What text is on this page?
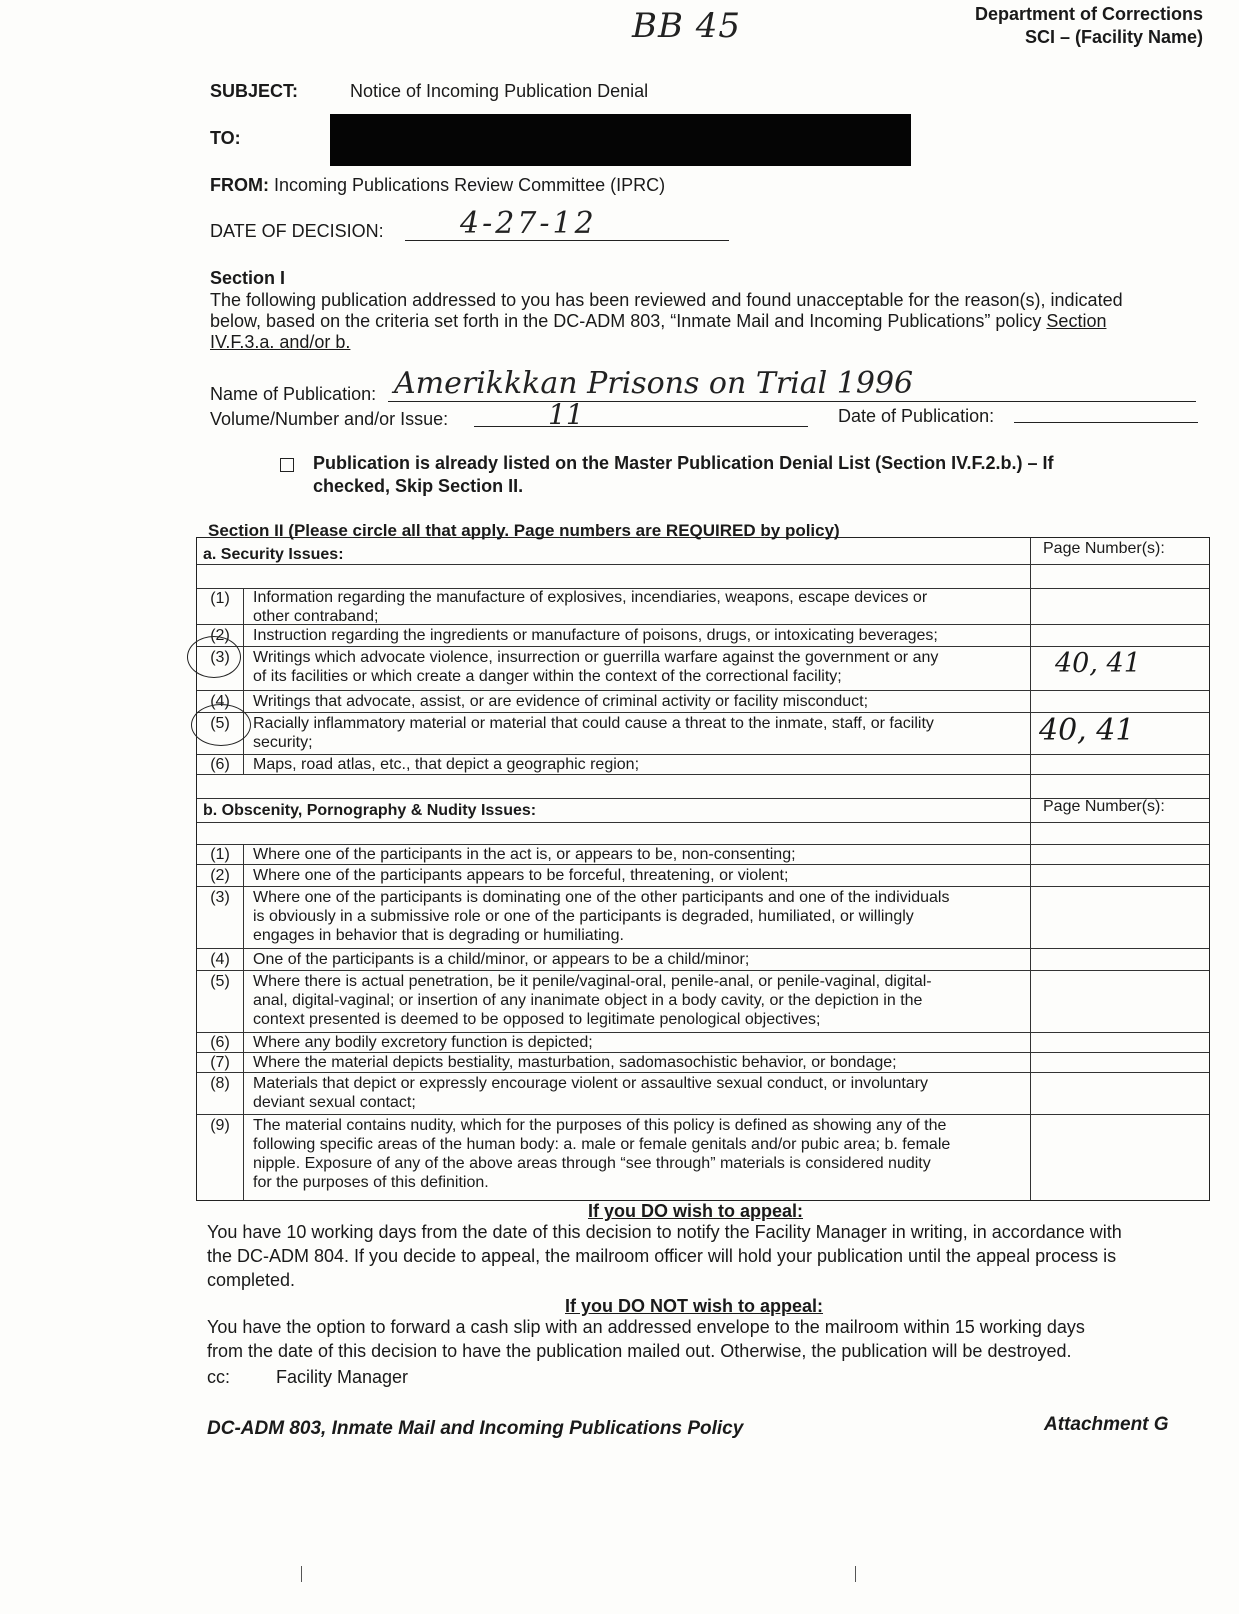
BB 45	Department of Corrections
SCI – (Facility Name)
SUBJECT:	Notice of Incoming Publication Denial
TO:
FROM: Incoming Publications Review Committee (IPRC)
DATE OF DECISION:	4-27-12
Section I
The following publication addressed to you has been reviewed and found unacceptable for the reason(s), indicated
below, based on the criteria set forth in the DC-ADM 803, “Inmate Mail and Incoming Publications” policy Section
IV.F.3.a. and/or b.
Name of Publication: Amerikkkan Prisons on Trial 1996
Volume/Number and/or Issue:	11	Date of Publication:
Publication is already listed on the Master Publication Denial List (Section IV.F.2.b.) – If
checked, Skip Section II.
Section II (Please circle all that apply. Page numbers are REQUIRED by policy)
a. Security Issues:	Page Number(s):
(1)	Information regarding the manufacture of explosives, incendiaries, weapons, escape devices or
other contraband;
(2)	Instruction regarding the ingredients or manufacture of poisons, drugs, or intoxicating beverages;
(3)	Writings which advocate violence, insurrection or guerrilla warfare against the government or any
of its facilities or which create a danger within the context of the correctional facility;	40, 41
(4)	Writings that advocate, assist, or are evidence of criminal activity or facility misconduct;
(5)	Racially inflammatory material or material that could cause a threat to the inmate, staff, or facility
security;	40, 41
(6)	Maps, road atlas, etc., that depict a geographic region;
b. Obscenity, Pornography & Nudity Issues:	Page Number(s):
(1)	Where one of the participants in the act is, or appears to be, non-consenting;
(2)	Where one of the participants appears to be forceful, threatening, or violent;
(3)	Where one of the participants is dominating one of the other participants and one of the individuals
is obviously in a submissive role or one of the participants is degraded, humiliated, or willingly
engages in behavior that is degrading or humiliating.
(4)	One of the participants is a child/minor, or appears to be a child/minor;
(5)	Where there is actual penetration, be it penile/vaginal-oral, penile-anal, or penile-vaginal, digital-
anal, digital-vaginal; or insertion of any inanimate object in a body cavity, or the depiction in the
context presented is deemed to be opposed to legitimate penological objectives;
(6)	Where any bodily excretory function is depicted;
(7)	Where the material depicts bestiality, masturbation, sadomasochistic behavior, or bondage;
(8)	Materials that depict or expressly encourage violent or assaultive sexual conduct, or involuntary
deviant sexual contact;
(9)	The material contains nudity, which for the purposes of this policy is defined as showing any of the
following specific areas of the human body: a. male or female genitals and/or pubic area; b. female
nipple. Exposure of any of the above areas through “see through” materials is considered nudity
for the purposes of this definition.
If you DO wish to appeal:
You have 10 working days from the date of this decision to notify the Facility Manager in writing, in accordance with
the DC-ADM 804. If you decide to appeal, the mailroom officer will hold your publication until the appeal process is
completed.
If you DO NOT wish to appeal:
You have the option to forward a cash slip with an addressed envelope to the mailroom within 15 working days
from the date of this decision to have the publication mailed out. Otherwise, the publication will be destroyed.
cc:	Facility Manager
DC-ADM 803, Inmate Mail and Incoming Publications Policy	Attachment G
